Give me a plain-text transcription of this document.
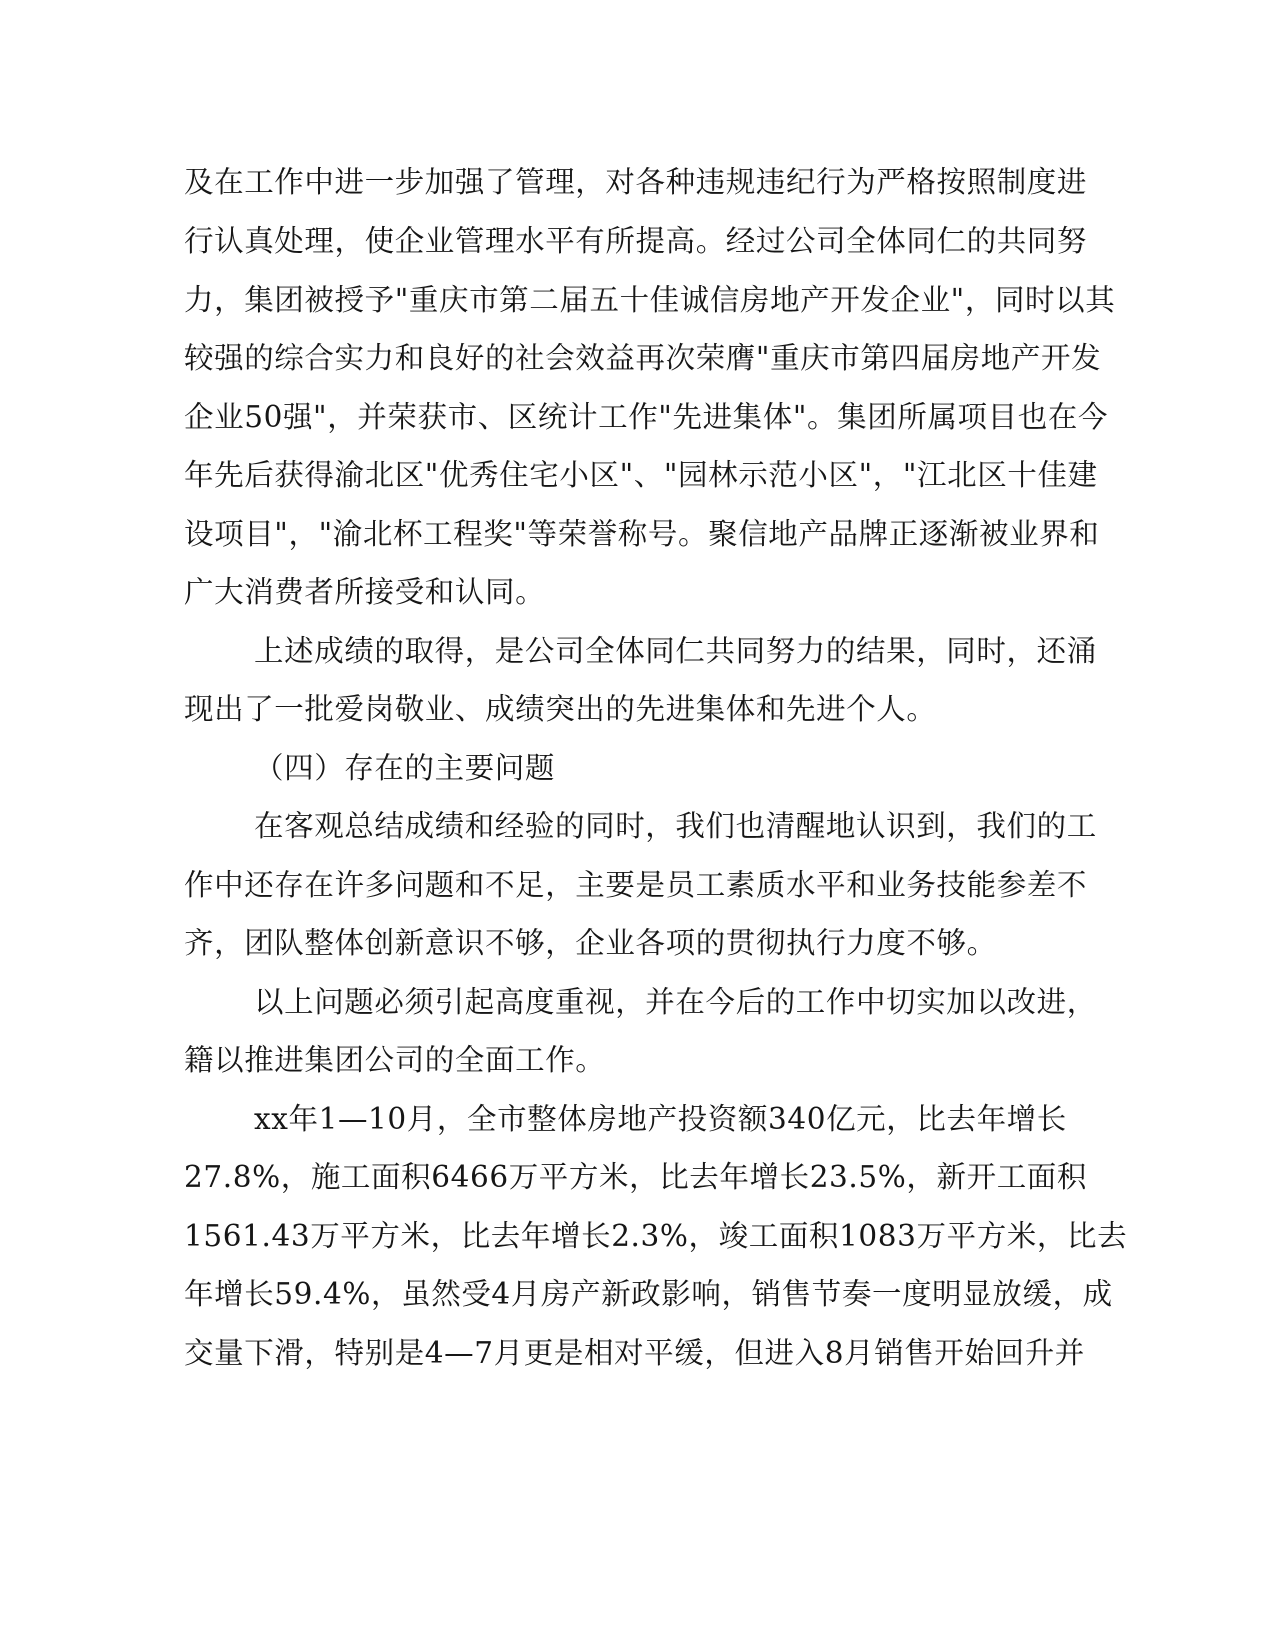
及在工作中进一步加强了管理，对各种违规违纪行为严格按照制度进
行认真处理，使企业管理水平有所提高。经过公司全体同仁的共同努
力，集团被授予"重庆市第二届五十佳诚信房地产开发企业"，同时以其
较强的综合实力和良好的社会效益再次荣膺"重庆市第四届房地产开发
企业50强"，并荣获市、区统计工作"先进集体"。集团所属项目也在今
年先后获得渝北区"优秀住宅小区"、"园林示范小区"，"江北区十佳建
设项目"，"渝北杯工程奖"等荣誉称号。聚信地产品牌正逐渐被业界和
广大消费者所接受和认同。
上述成绩的取得，是公司全体同仁共同努力的结果，同时，还涌
现出了一批爱岗敬业、成绩突出的先进集体和先进个人。
（四）存在的主要问题
在客观总结成绩和经验的同时，我们也清醒地认识到，我们的工
作中还存在许多问题和不足，主要是员工素质水平和业务技能参差不
齐，团队整体创新意识不够，企业各项的贯彻执行力度不够。
以上问题必须引起高度重视，并在今后的工作中切实加以改进，
籍以推进集团公司的全面工作。
xx年1—10月，全市整体房地产投资额340亿元，比去年增长
27.8%，施工面积6466万平方米，比去年增长23.5%，新开工面积
1561.43万平方米，比去年增长2.3%，竣工面积1083万平方米，比去
年增长59.4%，虽然受4月房产新政影响，销售节奏一度明显放缓，成
交量下滑，特别是4—7月更是相对平缓，但进入8月销售开始回升并
